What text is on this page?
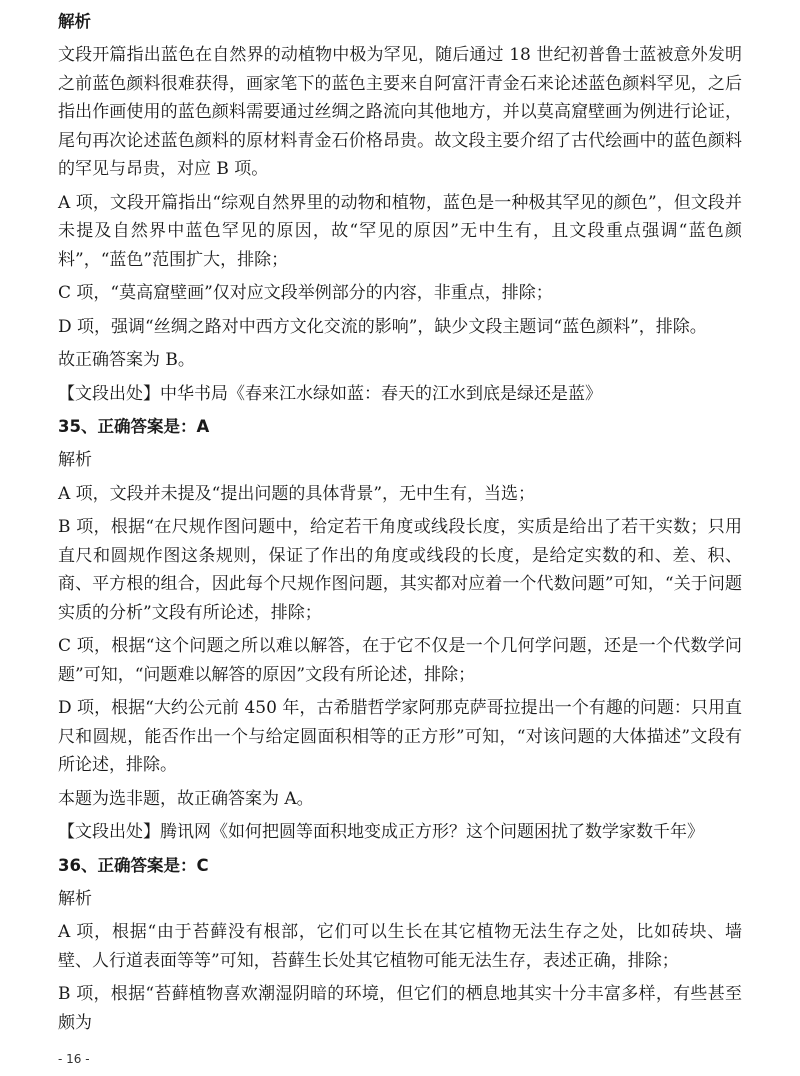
解析

文段开篇指出蓝色在自然界的动植物中极为罕见，随后通过 18 世纪初普鲁士蓝被意外发明之前蓝色颜料很难获得，画家笔下的蓝色主要来自阿富汗青金石来论述蓝色颜料罕见，之后指出作画使用的蓝色颜料需要通过丝绸之路流向其他地方，并以莫高窟壁画为例进行论证，尾句再次论述蓝色颜料的原材料青金石价格昂贵。故文段主要介绍了古代绘画中的蓝色颜料的罕见与昂贵，对应 B 项。

A 项，文段开篇指出“综观自然界里的动物和植物，蓝色是一种极其罕见的颜色”，但文段并未提及自然界中蓝色罕见的原因，故“罕见的原因”无中生有，且文段重点强调“蓝色颜料”，“蓝色”范围扩大，排除；

C 项，“莫高窟壁画”仅对应文段举例部分的内容，非重点，排除；

D 项，强调“丝绸之路对中西方文化交流的影响”，缺少文段主题词“蓝色颜料”，排除。

故正确答案为 B。

【文段出处】中华书局《春来江水绿如蓝：春天的江水到底是绿还是蓝》

35、正确答案是：A

解析

A 项，文段并未提及“提出问题的具体背景”，无中生有，当选；

B 项，根据“在尺规作图问题中，给定若干角度或线段长度，实质是给出了若干实数；只用直尺和圆规作图这条规则，保证了作出的角度或线段的长度，是给定实数的和、差、积、商、平方根的组合，因此每个尺规作图问题，其实都对应着一个代数问题”可知，“关于问题实质的分析”文段有所论述，排除；

C 项，根据“这个问题之所以难以解答，在于它不仅是一个几何学问题，还是一个代数学问题”可知，“问题难以解答的原因”文段有所论述，排除；

D 项，根据“大约公元前 450 年，古希腊哲学家阿那克萨哥拉提出一个有趣的问题：只用直尺和圆规，能否作出一个与给定圆面积相等的正方形”可知，“对该问题的大体描述”文段有所论述，排除。

本题为选非题，故正确答案为 A。

【文段出处】腾讯网《如何把圆等面积地变成正方形？这个问题困扰了数学家数千年》

36、正确答案是：C

解析

A 项，根据“由于苔藓没有根部，它们可以生长在其它植物无法生存之处，比如砖块、墙壁、人行道表面等等”可知，苔藓生长处其它植物可能无法生存，表述正确，排除；

B 项，根据“苔藓植物喜欢潮湿阴暗的环境，但它们的栖息地其实十分丰富多样，有些甚至颇为

- 16 -
